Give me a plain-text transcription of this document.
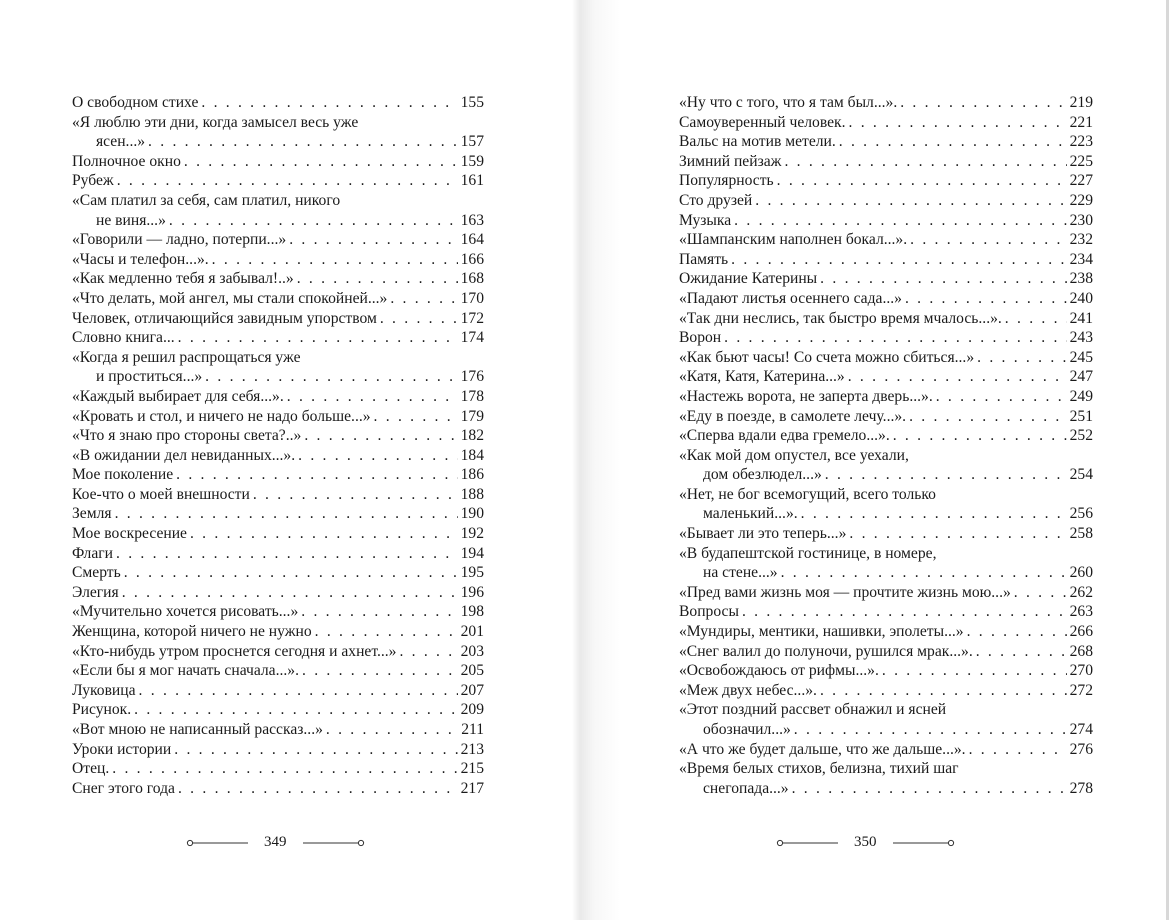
О свободном стихе . . .	155
«Я люблю эти дни, когда замысел весь уже
ясен...» . . .	157
Полночное окно . . .	159
Рубеж . . .	161
«Сам платил за себя, сам платил, никого
не виня...» . . .	163
«Говорили — ладно, потерпи...» . . .	164
«Часы и телефон...». . . .	166
«Как медленно тебя я забывал!..» . . .	168
«Что делать, мой ангел, мы стали спокойней...» . . .	170
Человек, отличающийся завидным упорством . . .	172
Словно книга... . . .	174
«Когда я решил распрощаться уже
и проститься...» . . .	176
«Каждый выбирает для себя...». . . .	178
«Кровать и стол, и ничего не надо больше...» . . .	179
«Что я знаю про стороны света?..» . . .	182
«В ожидании дел невиданных...». . . .	184
Мое поколение . . .	186
Кое-что о моей внешности . . .	188
Земля . . .	190
Мое воскресение . . .	192
Флаги . . .	194
Смерть . . .	195
Элегия . . .	196
«Мучительно хочется рисовать...» . . .	198
Женщина, которой ничего не нужно . . .	201
«Кто-нибудь утром проснется сегодня и ахнет...» . . .	203
«Если бы я мог начать сначала...». . . .	205
Луковица . . .	207
Рисунок. . . .	209
«Вот мною не написанный рассказ...» . . .	211
Уроки истории . . .	213
Отец. . . .	215
Снег этого года . . .	217
349
«Ну что с того, что я там был...». . . .	219
Самоуверенный человек. . . .	221
Вальс на мотив метели. . . .	223
Зимний пейзаж . . .	225
Популярность . . .	227
Сто друзей . . .	229
Музыка . . .	230
«Шампанским наполнен бокал...». . . .	232
Память . . .	234
Ожидание Катерины . . .	238
«Падают листья осеннего сада...» . . .	240
«Так дни неслись, так быстро время мчалось...». . . .	241
Ворон . . .	243
«Как бьют часы! Со счета можно сбиться...» . . .	245
«Катя, Катя, Катерина...» . . .	247
«Настежь ворота, не заперта дверь...». . . .	249
«Еду в поезде, в самолете лечу...». . . .	251
«Сперва вдали едва гремело...». . . .	252
«Как мой дом опустел, все уехали,
дом обезлюдел...» . . .	254
«Нет, не бог всемогущий, всего только
маленький...». . . .	256
«Бывает ли это теперь...» . . .	258
«В будапештской гостинице, в номере,
на стене...» . . .	260
«Пред вами жизнь моя — прочтите жизнь мою...» . . .	262
Вопросы . . .	263
«Мундиры, ментики, нашивки, эполеты...» . . .	266
«Снег валил до полуночи, рушился мрак...». . . .	268
«Освобождаюсь от рифмы...». . . .	270
«Меж двух небес...». . . .	272
«Этот поздний рассвет обнажил и ясней
обозначил...» . . .	274
«А что же будет дальше, что же дальше...». . . .	276
«Время белых стихов, белизна, тихий шаг
снегопада...» . . .	278
350
